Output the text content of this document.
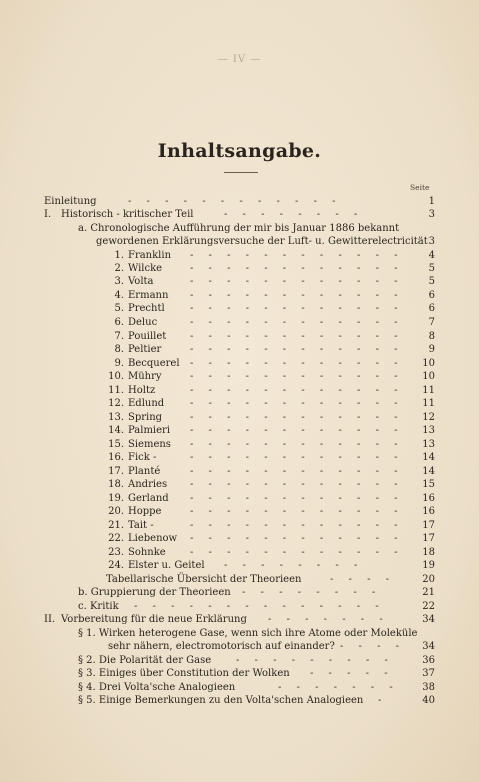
— IV —
Inhaltsangabe.
Seite
Einleitung	- - - - - - - - - - - -	1
I. Historisch - kritischer Teil	- - - - - - - -	3
a. Chronologische Aufführung der mir bis Januar 1886 bekannt
gewordenen Erklärungsversuche der Luft- u. Gewitterelectricität 3
1. Franklin - - - - - - - - - - - -	4
2. Wilcke	- - - - - - - - - - - -	5
3. Volta	- - - - - - - - - - - -	5
4. Ermann - - - - - - - - - - - -	6
5. Prechtl	- - - - - - - - - - - -	6
6. Deluc	- - - - - - - - - - - -	7
7. Pouillet - - - - - - - - - - - -	8
8. Peltier	- - - - - - - - - - - -	9
9. Becquerel - - - - - - - - - - - -	10
10. Mühry	- - - - - - - - - - - -	10
11. Holtz	- - - - - - - - - - - -	11
12. Edlund	- - - - - - - - - - - -	11
13. Spring	- - - - - - - - - - - -	12
14. Palmieri - - - - - - - - - - - -	13
15. Siemens - - - - - - - - - - - -	13
16. Fick -	- - - - - - - - - - - -	14
17. Planté	- - - - - - - - - - - -	14
18. Andries - - - - - - - - - - - -	15
19. Gerland - - - - - - - - - - - -	16
20. Hoppe	- - - - - - - - - - - -	16
21. Tait -	- - - - - - - - - - - -	17
22. Liebenow - - - - - - - - - - - -	17
23. Sohnke - - - - - - - - - - - -	18
24. Elster u. Geitel - - - - - - - -	19
Tabellarische Übersicht der Theorieen	- - - -	20
b. Gruppierung der Theorieen - - - - - - - -	21
c. Kritik - - - - - - - - - - - - - -	22
II. Vorbereitung für die neue Erklärung - - - - - - -	34
§ 1. Wirken heterogene Gase, wenn sich ihre Atome oder Moleküle
sehr nähern, electromotorisch auf einander? - - - -	34
§ 2. Die Polarität der Gase - - - - - - - - -	36
§ 3. Einiges über Constitution der Wolken - - - - -	37
§ 4. Drei Volta'sche Analogieen	- - - - - - -	38
§ 5. Einige Bemerkungen zu den Volta'schen Analogieen -	40
